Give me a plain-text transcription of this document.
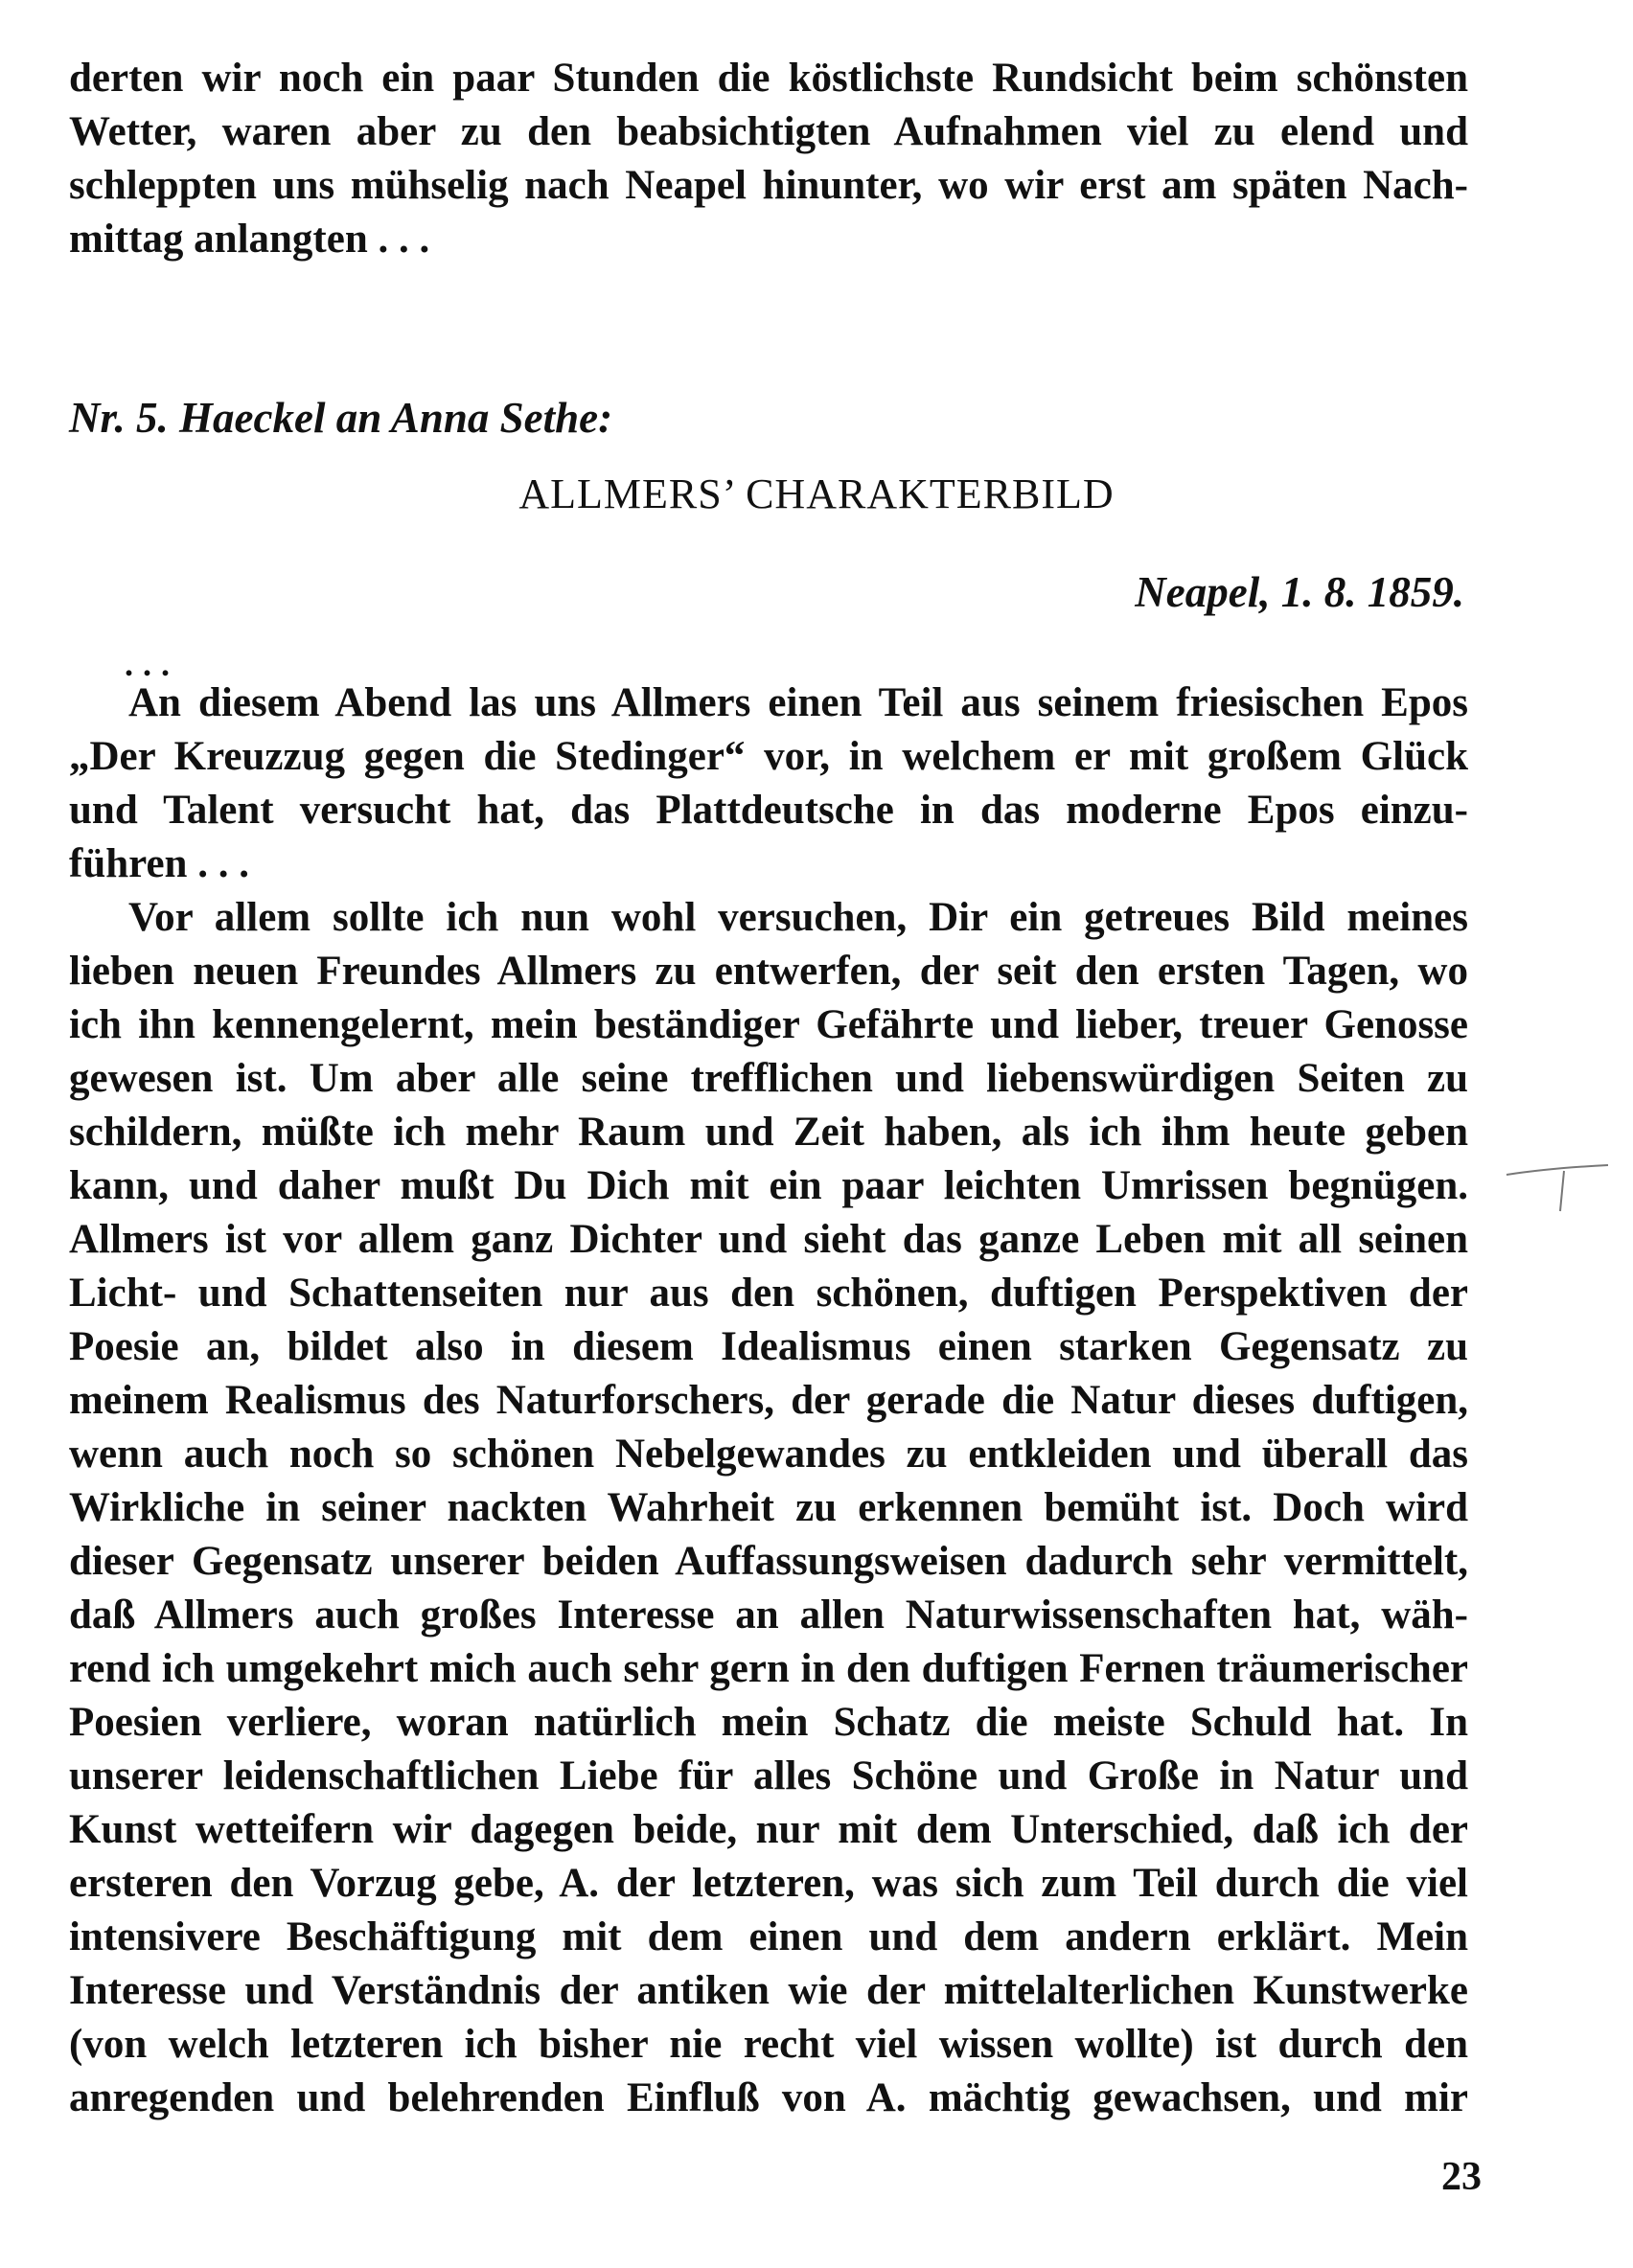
derten wir noch ein paar Stunden die köstlichste Rundsicht beim schönsten
Wetter, waren aber zu den beabsichtigten Aufnahmen viel zu elend und
schleppten uns mühselig nach Neapel hinunter, wo wir erst am späten Nach-
mittag anlangten . . .
Nr. 5. Haeckel an Anna Sethe:
ALLMERS’ CHARAKTERBILD
Neapel, 1. 8. 1859.
...
An diesem Abend las uns Allmers einen Teil aus seinem friesischen Epos
„Der Kreuzzug gegen die Stedinger“ vor, in welchem er mit großem Glück
und Talent versucht hat, das Plattdeutsche in das moderne Epos einzu-
führen . . .
Vor allem sollte ich nun wohl versuchen, Dir ein getreues Bild meines
lieben neuen Freundes Allmers zu entwerfen, der seit den ersten Tagen, wo
ich ihn kennengelernt, mein beständiger Gefährte und lieber, treuer Genosse
gewesen ist. Um aber alle seine trefflichen und liebenswürdigen Seiten zu
schildern, müßte ich mehr Raum und Zeit haben, als ich ihm heute geben
kann, und daher mußt Du Dich mit ein paar leichten Umrissen begnügen.
Allmers ist vor allem ganz Dichter und sieht das ganze Leben mit all seinen
Licht- und Schattenseiten nur aus den schönen, duftigen Perspektiven der
Poesie an, bildet also in diesem Idealismus einen starken Gegensatz zu
meinem Realismus des Naturforschers, der gerade die Natur dieses duftigen,
wenn auch noch so schönen Nebelgewandes zu entkleiden und überall das
Wirkliche in seiner nackten Wahrheit zu erkennen bemüht ist. Doch wird
dieser Gegensatz unserer beiden Auffassungsweisen dadurch sehr vermittelt,
daß Allmers auch großes Interesse an allen Naturwissenschaften hat, wäh-
rend ich umgekehrt mich auch sehr gern in den duftigen Fernen träumerischer
Poesien verliere, woran natürlich mein Schatz die meiste Schuld hat. In
unserer leidenschaftlichen Liebe für alles Schöne und Große in Natur und
Kunst wetteifern wir dagegen beide, nur mit dem Unterschied, daß ich der
ersteren den Vorzug gebe, A. der letzteren, was sich zum Teil durch die viel
intensivere Beschäftigung mit dem einen und dem andern erklärt. Mein
Interesse und Verständnis der antiken wie der mittelalterlichen Kunstwerke
(von welch letzteren ich bisher nie recht viel wissen wollte) ist durch den
anregenden und belehrenden Einfluß von A. mächtig gewachsen, und mir
23
